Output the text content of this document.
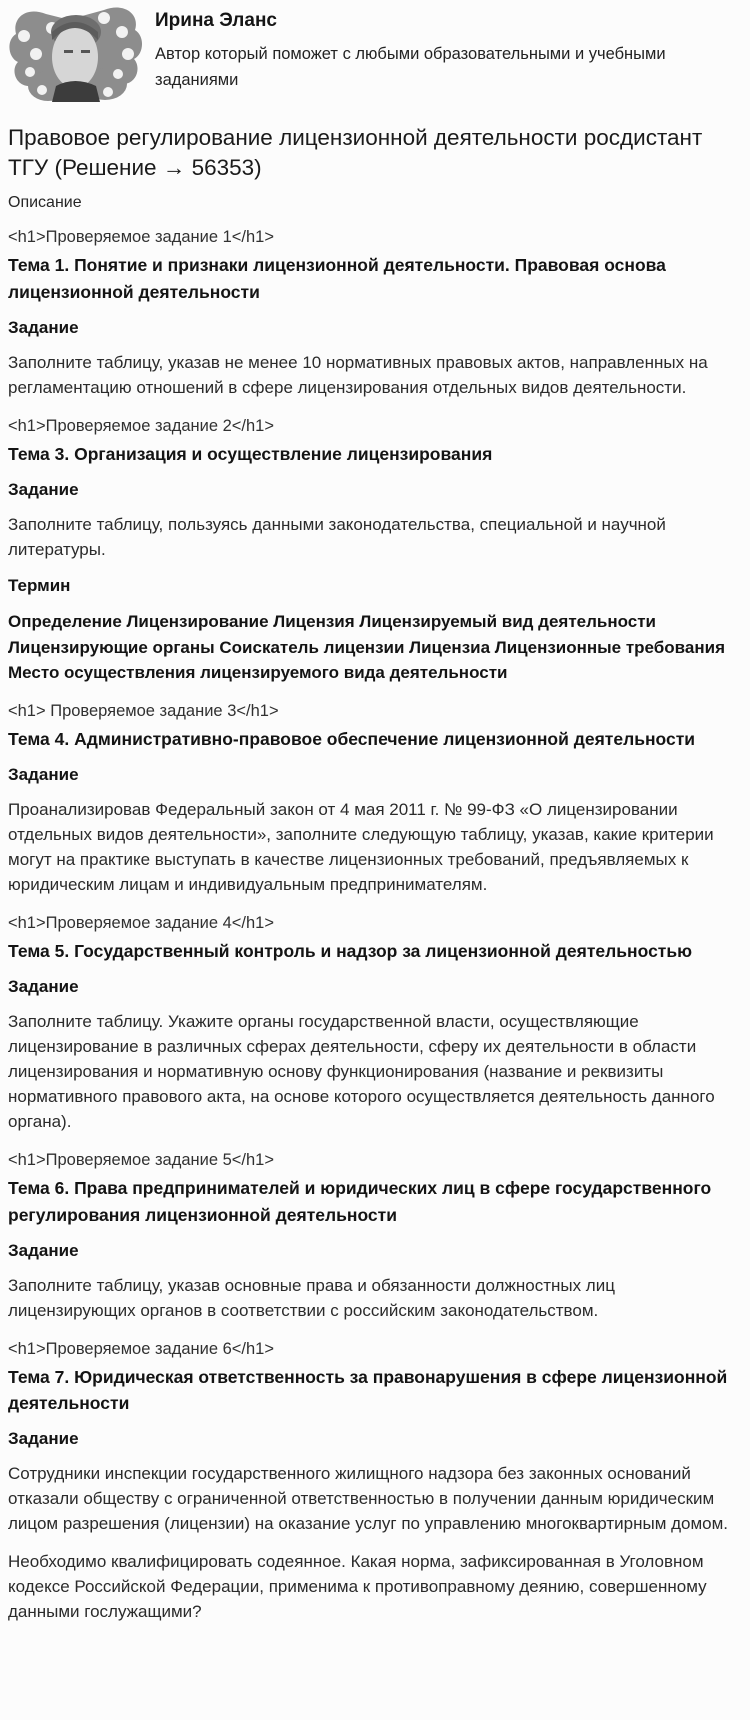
Ирина Эланс
Автор который поможет с любыми образовательными и учебными заданиями
Правовое регулирование лицензионной деятельности росдистант ТГУ (Решение → 56353)
Описание
<h1>Проверяемое задание 1</h1>
Тема 1. Понятие и признаки лицензионной деятельности. Правовая основа лицензионной деятельности
Задание
Заполните таблицу, указав не менее 10 нормативных правовых актов, направленных на регламентацию отношений в сфере лицензирования отдельных видов деятельности.
<h1>Проверяемое задание 2</h1>
Тема 3. Организация и осуществление лицензирования
Задание
Заполните таблицу, пользуясь данными законодательства, специальной и научной литературы.
Термин
Определение Лицензирование Лицензия Лицензируемый вид деятельности Лицензирующие органы Соискатель лицензии Лицензиа Лицензионные требования Место осуществления лицензируемого вида деятельности
<h1> Проверяемое задание 3</h1>
Тема 4. Административно-правовое обеспечение лицензионной деятельности
Задание
Проанализировав Федеральный закон от 4 мая 2011 г. № 99-ФЗ «О лицензировании отдельных видов деятельности», заполните следующую таблицу, указав, какие критерии могут на практике выступать в качестве лицензионных требований, предъявляемых к юридическим лицам и индивидуальным предпринимателям.
<h1>Проверяемое задание 4</h1>
Тема 5. Государственный контроль и надзор за лицензионной деятельностью
Задание
Заполните таблицу. Укажите органы государственной власти, осуществляющие лицензирование в различных сферах деятельности, сферу их деятельности в области лицензирования и нормативную основу функционирования (название и реквизиты нормативного правового акта, на основе которого осуществляется деятельность данного органа).
<h1>Проверяемое задание 5</h1>
Тема 6. Права предпринимателей и юридических лиц в сфере государственного регулирования лицензионной деятельности
Задание
Заполните таблицу, указав основные права и обязанности должностных лиц лицензирующих органов в соответствии с российским законодательством.
<h1>Проверяемое задание 6</h1>
Тема 7. Юридическая ответственность за правонарушения в сфере лицензионной деятельности
Задание
Сотрудники инспекции государственного жилищного надзора без законных оснований отказали обществу с ограниченной ответственностью в получении данным юридическим лицом разрешения (лицензии) на оказание услуг по управлению многоквартирным домом.
Необходимо квалифицировать содеянное. Какая норма, зафиксированная в Уголовном кодексе Российской Федерации, применима к противоправному деянию, совершенному данными гослужащими?
